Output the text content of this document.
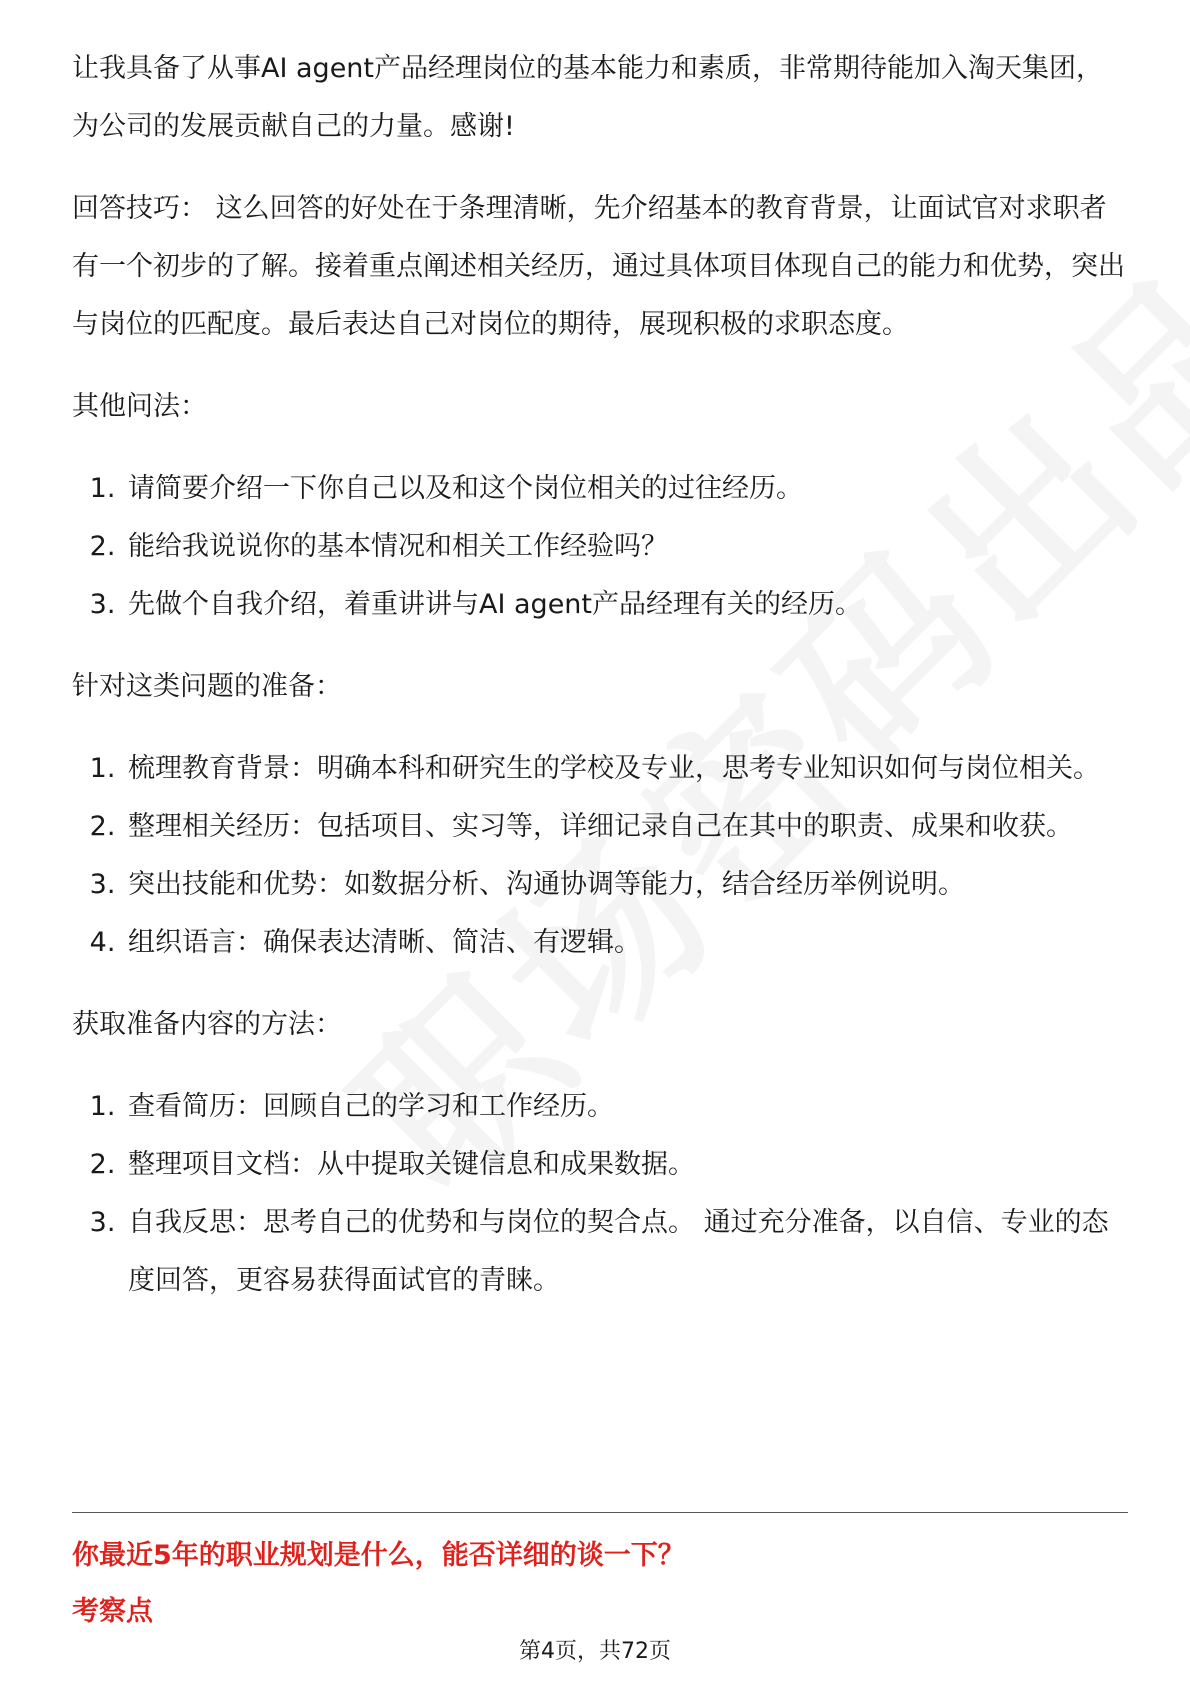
让我具备了从事AI agent产品经理岗位的基本能力和素质，非常期待能加入淘天集团，为公司的发展贡献自己的力量。感谢!

回答技巧： 这么回答的好处在于条理清晰，先介绍基本的教育背景，让面试官对求职者有一个初步的了解。接着重点阐述相关经历，通过具体项目体现自己的能力和优势，突出与岗位的匹配度。最后表达自己对岗位的期待，展现积极的求职态度。

其他问法：

1. 请简要介绍一下你自己以及和这个岗位相关的过往经历。
2. 能给我说说你的基本情况和相关工作经验吗？
3. 先做个自我介绍，着重讲讲与AI agent产品经理有关的经历。

针对这类问题的准备：

1. 梳理教育背景：明确本科和研究生的学校及专业，思考专业知识如何与岗位相关。
2. 整理相关经历：包括项目、实习等，详细记录自己在其中的职责、成果和收获。
3. 突出技能和优势：如数据分析、沟通协调等能力，结合经历举例说明。
4. 组织语言：确保表达清晰、简洁、有逻辑。

获取准备内容的方法：

1. 查看简历：回顾自己的学习和工作经历。
2. 整理项目文档：从中提取关键信息和成果数据。
3. 自我反思：思考自己的优势和与岗位的契合点。 通过充分准备，以自信、专业的态度回答，更容易获得面试官的青睐。
你最近5年的职业规划是什么，能否详细的谈一下？
考察点
第4页，共72页
